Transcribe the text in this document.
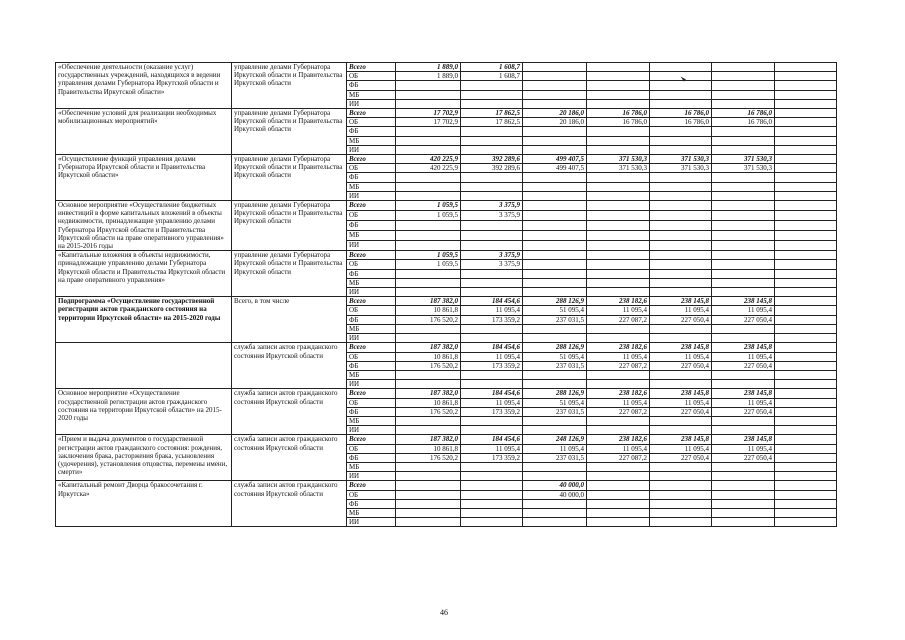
«Обеспечение деятельности (оказание услуг) государственных учреждений, находящихся в ведении управления делами Губернатора Иркутской области и Правительства Иркутской области»	управление делами Губернатора Иркутской области и Правительства Иркутской области	Всего	1 889,0	1 608,7					
		ОБ	1 889,0	1 608,7					
		ФБ							
		МБ							
		ИИ							
«Обеспечение условий для реализации необходимых мобилизационных мероприятий»	управление делами Губернатора Иркутской области и Правительства Иркутской области	Всего	17 702,9	17 862,5	20 186,0	16 786,0	16 786,0	16 786,0	
		ОБ	17 702,9	17 862,5	20 186,0	16 786,0	16 786,0	16 786,0	
		ФБ							
		МБ							
		ИИ							
«Осуществление функций управления делами Губернатора Иркутской области и Правительства Иркутской области»	управление делами Губернатора Иркутской области и Правительства Иркутской области	Всего	420 225,9	392 289,6	499 407,5	371 530,3	371 530,3	371 530,3	
		ОБ	420 225,9	392 289,6	499 407,5	371 530,3	371 530,3	371 530,3	
		ФБ							
		МБ							
		ИИ							
Основное мероприятие «Осуществление бюджетных инвестиций в форме капитальных вложений в объекты недвижимости, принадлежащие управлению делами Губернатора Иркутской области и Правительства Иркутской области на праве оперативного управления» на 2015-2016 годы	управление делами Губернатора Иркутской области и Правительства Иркутской области	Всего	1 059,5	3 375,9					
		ОБ	1 059,5	3 375,9					
		ФБ							
		МБ							
		ИИ							
«Капитальные вложения в объекты недвижимости, принадлежащие управлению делами Губернатора Иркутской области и Правительства Иркутской области на праве оперативного управления»	управление делами Губернатора Иркутской области и Правительства Иркутской области	Всего	1 059,5	3 375,9					
		ОБ	1 059,5	3 375,9					
		ФБ							
		МБ							
		ИИ							
Подпрограмма «Осуществление государственной регистрации актов гражданского состояния на территории Иркутской области» на 2015-2020 годы	Всего, в том числе	Всего	187 382,0	184 454,6	288 126,9	238 182,6	238 145,8	238 145,8	
		ОБ	10 861,8	11 095,4	51 095,4	11 095,4	11 095,4	11 095,4	
		ФБ	176 520,2	173 359,2	237 031,5	227 087,2	227 050,4	227 050,4	
		МБ							
		ИИ							
	служба записи актов гражданского состояния Иркутской области	Всего	187 382,0	184 454,6	288 126,9	238 182,6	238 145,8	238 145,8	
		ОБ	10 861,8	11 095,4	51 095,4	11 095,4	11 095,4	11 095,4	
		ФБ	176 520,2	173 359,2	237 031,5	227 087,2	227 050,4	227 050,4	
		МБ							
		ИИ							
Основное мероприятие «Осуществление государственной регистрации актов гражданского состояния на территории Иркутской области» на 2015-2020 годы	служба записи актов гражданского состояния Иркутской области	Всего	187 382,0	184 454,6	288 126,9	238 182,6	238 145,8	238 145,8	
		ОБ	10 861,8	11 095,4	51 095,4	11 095,4	11 095,4	11 095,4	
		ФБ	176 520,2	173 359,2	237 031,5	227 087,2	227 050,4	227 050,4	
		МБ							
		ИИ							
«Прием и выдача документов о государственной регистрации актов гражданского состояния: рождения, заключения брака, расторжения брака, усыновления (удочерения), установления отцовства, перемены имени, смерти»	служба записи актов гражданского состояния Иркутской области	Всего	187 382,0	184 454,6	248 126,9	238 182,6	238 145,8	238 145,8	
		ОБ	10 861,8	11 095,4	11 095,4	11 095,4	11 095,4	11 095,4	
		ФБ	176 520,2	173 359,2	237 031,5	227 087,2	227 050,4	227 050,4	
		МБ							
		ИИ							
«Капитальный ремонт Дворца бракосочетания г. Иркутска»	служба записи актов гражданского состояния Иркутской области	Всего			40 000,0				
		ОБ			40 000,0				
		ФБ							
		МБ							
		ИИ							
46
